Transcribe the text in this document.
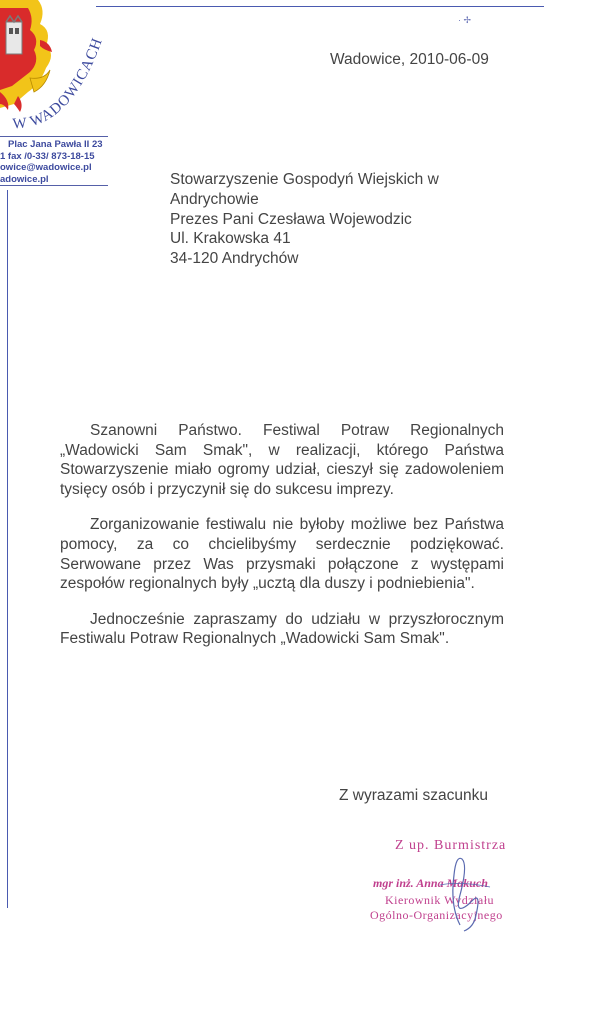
· ✢
W WADOWICACH
Plac Jana Pawła II 23
1 fax /0-33/ 873-18-15
owice@wadowice.pl
adowice.pl
Wadowice, 2010-06-09
Stowarzyszenie Gospodyń Wiejskich w
Andrychowie
Prezes Pani Czesława Wojewodzic
Ul. Krakowska 41
34-120 Andrychów

Szanowni Państwo. Festiwal Potraw Regionalnych „Wadowicki Sam Smak", w realizacji, którego Państwa Stowarzyszenie miało ogromy udział, cieszył się zadowoleniem tysięcy osób i przyczynił się do sukcesu imprezy.

Zorganizowanie festiwalu nie byłoby możliwe bez Państwa pomocy, za co chcielibyśmy serdecznie podziękować. Serwowane przez Was przysmaki połączone z występami zespołów regionalnych były „ucztą dla duszy i podniebienia".

Jednocześnie zapraszamy do udziału w przyszłorocznym Festiwalu Potraw Regionalnych „Wadowicki Sam Smak".

Z wyrazami szacunku
Z up. Burmistrza
mgr inż. Anna Makuch
Kierownik Wydziału
Ogólno-Organizacyjnego
